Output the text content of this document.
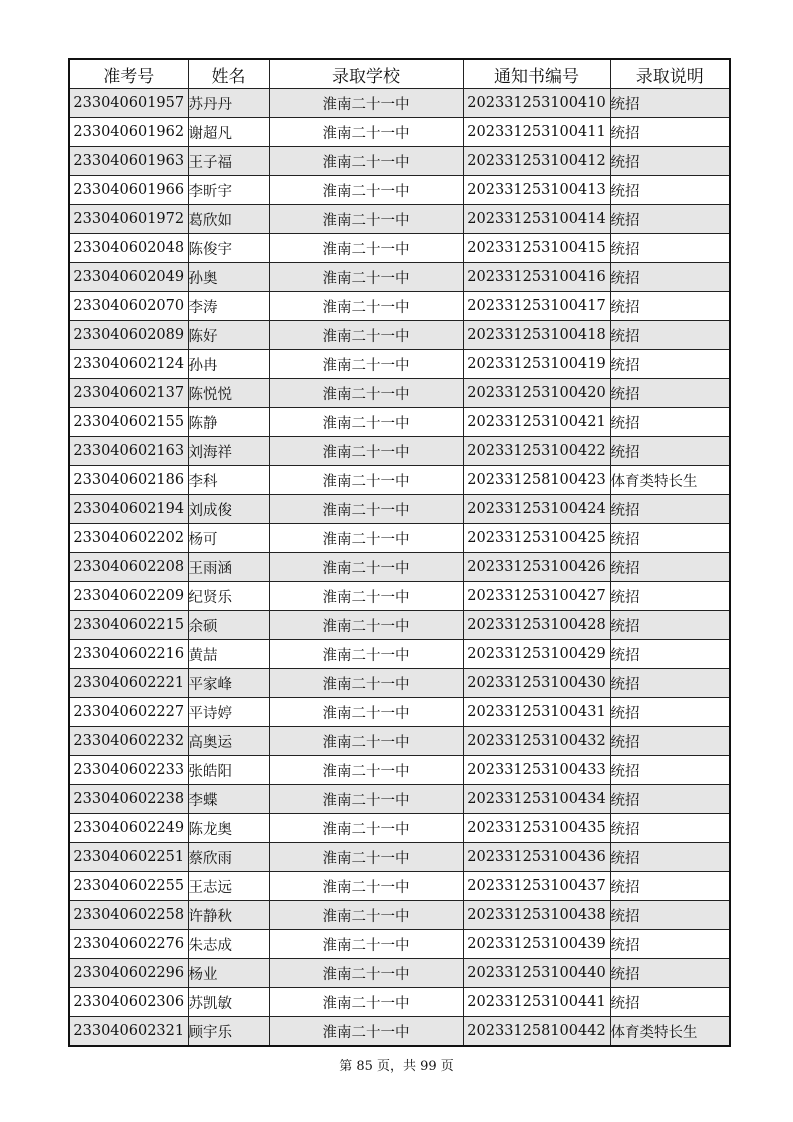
准考号	姓名	录取学校	通知书编号	录取说明
233040601957	苏丹丹	淮南二十一中	202331253100410	统招
233040601962	谢超凡	淮南二十一中	202331253100411	统招
233040601963	王子福	淮南二十一中	202331253100412	统招
233040601966	李昕宇	淮南二十一中	202331253100413	统招
233040601972	葛欣如	淮南二十一中	202331253100414	统招
233040602048	陈俊宇	淮南二十一中	202331253100415	统招
233040602049	孙奥	淮南二十一中	202331253100416	统招
233040602070	李涛	淮南二十一中	202331253100417	统招
233040602089	陈好	淮南二十一中	202331253100418	统招
233040602124	孙冉	淮南二十一中	202331253100419	统招
233040602137	陈悦悦	淮南二十一中	202331253100420	统招
233040602155	陈静	淮南二十一中	202331253100421	统招
233040602163	刘海祥	淮南二十一中	202331253100422	统招
233040602186	李科	淮南二十一中	202331258100423	体育类特长生
233040602194	刘成俊	淮南二十一中	202331253100424	统招
233040602202	杨可	淮南二十一中	202331253100425	统招
233040602208	王雨涵	淮南二十一中	202331253100426	统招
233040602209	纪贤乐	淮南二十一中	202331253100427	统招
233040602215	余硕	淮南二十一中	202331253100428	统招
233040602216	黄喆	淮南二十一中	202331253100429	统招
233040602221	平家峰	淮南二十一中	202331253100430	统招
233040602227	平诗婷	淮南二十一中	202331253100431	统招
233040602232	高奥运	淮南二十一中	202331253100432	统招
233040602233	张皓阳	淮南二十一中	202331253100433	统招
233040602238	李蝶	淮南二十一中	202331253100434	统招
233040602249	陈龙奥	淮南二十一中	202331253100435	统招
233040602251	蔡欣雨	淮南二十一中	202331253100436	统招
233040602255	王志远	淮南二十一中	202331253100437	统招
233040602258	许静秋	淮南二十一中	202331253100438	统招
233040602276	朱志成	淮南二十一中	202331253100439	统招
233040602296	杨业	淮南二十一中	202331253100440	统招
233040602306	苏凯敏	淮南二十一中	202331253100441	统招
233040602321	顾宇乐	淮南二十一中	202331258100442	体育类特长生
第 85 页，共 99 页
